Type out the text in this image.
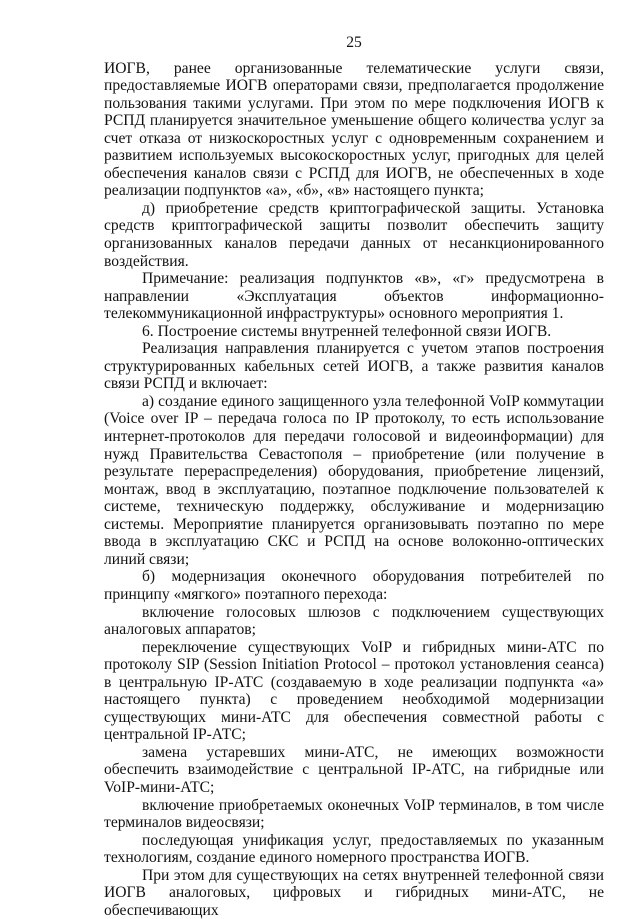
25

ИОГВ, ранее организованные телематические услуги связи, предоставляемые ИОГВ операторами связи, предполагается продолжение пользования такими услугами. При этом по мере подключения ИОГВ к РСПД планируется значительное уменьшение общего количества услуг за счет отказа от низкоскоростных услуг с одновременным сохранением и развитием используемых высокоскоростных услуг, пригодных для целей обеспечения каналов связи с РСПД для ИОГВ, не обеспеченных в ходе реализации подпунктов «а», «б», «в» настоящего пункта;

д) приобретение средств криптографической защиты. Установка средств криптографической защиты позволит обеспечить защиту организованных каналов передачи данных от несанкционированного воздействия.

Примечание: реализация подпунктов «в», «г» предусмотрена в направлении «Эксплуатация объектов информационно-телекоммуникационной инфраструктуры» основного мероприятия 1.

6. Построение системы внутренней телефонной связи ИОГВ.

Реализация направления планируется с учетом этапов построения структурированных кабельных сетей ИОГВ, а также развития каналов связи РСПД и включает:

а) создание единого защищенного узла телефонной VoIP коммутации (Voice over IP – передача голоса по IP протоколу, то есть использование интернет-протоколов для передачи голосовой и видеоинформации) для нужд Правительства Севастополя – приобретение (или получение в результате перераспределения) оборудования, приобретение лицензий, монтаж, ввод в эксплуатацию, поэтапное подключение пользователей к системе, техническую поддержку, обслуживание и модернизацию системы. Мероприятие планируется организовывать поэтапно по мере ввода в эксплуатацию СКС и РСПД на основе волоконно-оптических линий связи;

б) модернизация оконечного оборудования потребителей по принципу «мягкого» поэтапного перехода:

включение голосовых шлюзов с подключением существующих аналоговых аппаратов;

переключение существующих VoIP и гибридных мини-АТС по протоколу SIP (Session Initiation Protocol – протокол установления сеанса) в центральную IP-АТС (создаваемую в ходе реализации подпункта «а» настоящего пункта) с проведением необходимой модернизации существующих мини-АТС для обеспечения совместной работы с центральной IP-АТС;

замена устаревших мини-АТС, не имеющих возможности обеспечить взаимодействие с центральной IP-АТС, на гибридные или VoIP-мини-АТС;

включение приобретаемых оконечных VoIP терминалов, в том числе терминалов видеосвязи;

последующая унификация услуг, предоставляемых по указанным технологиям, создание единого номерного пространства ИОГВ.

При этом для существующих на сетях внутренней телефонной связи ИОГВ аналоговых, цифровых и гибридных мини-АТС, не обеспечивающих
